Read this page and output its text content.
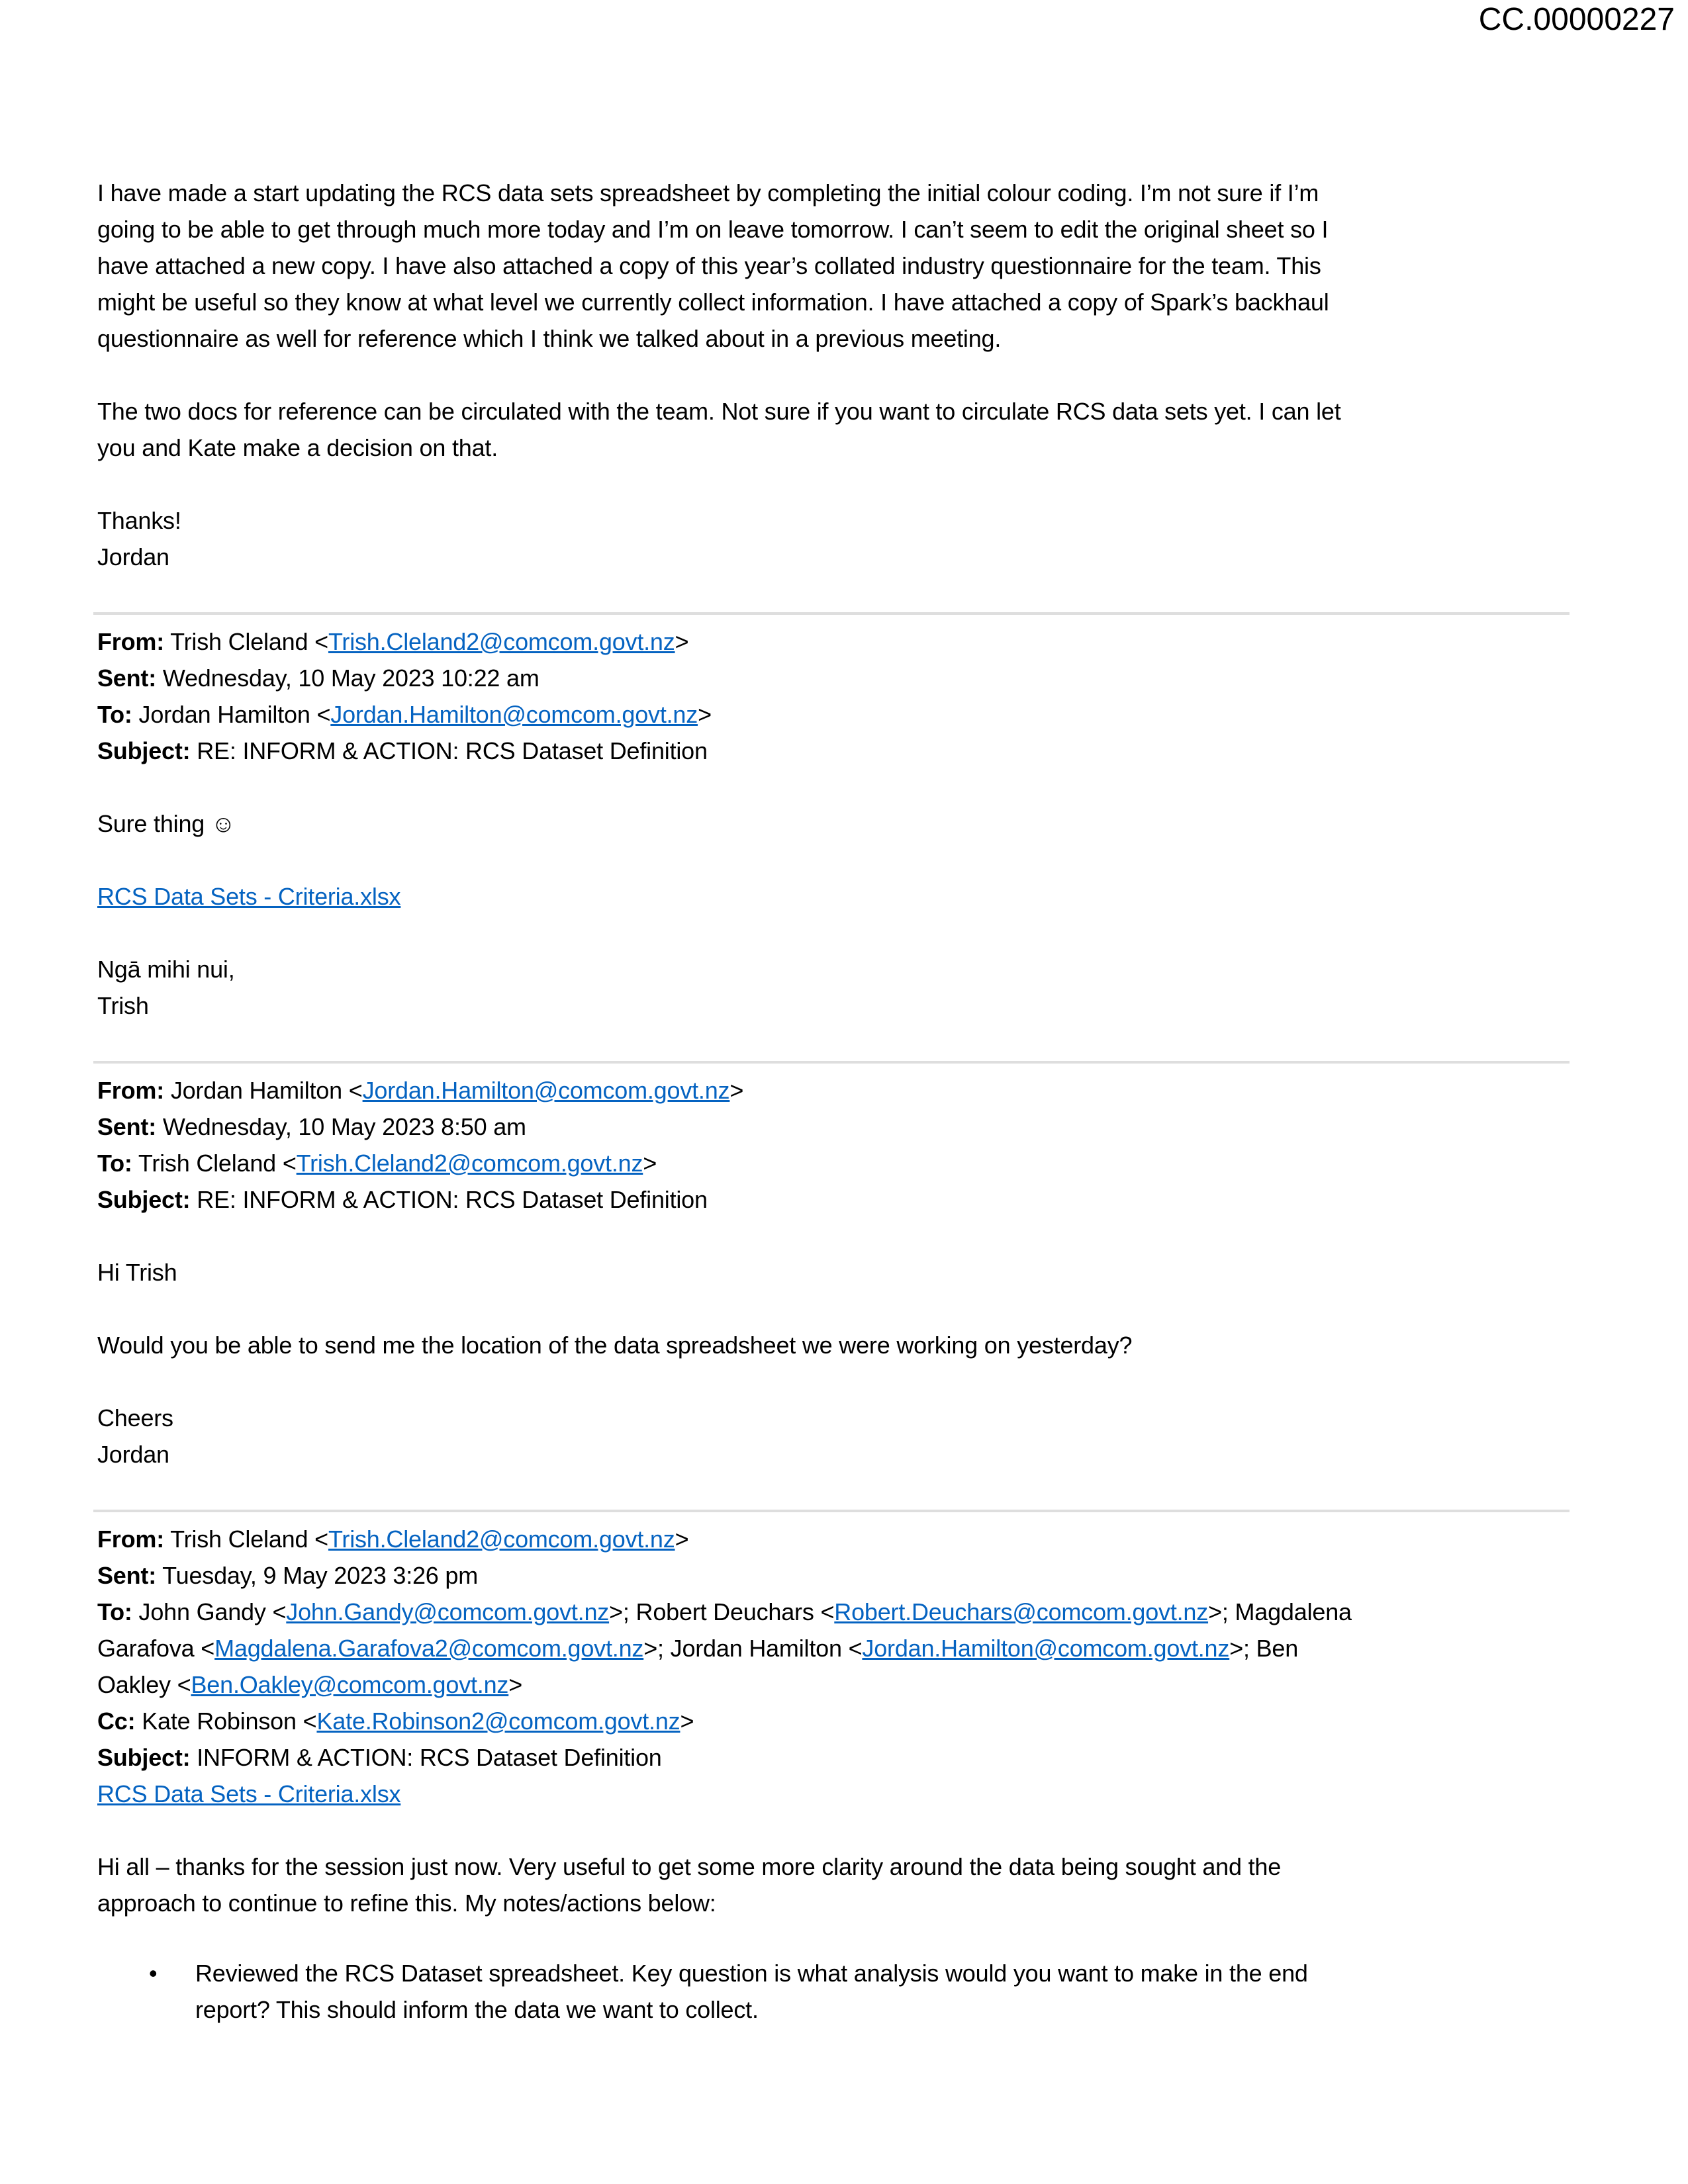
CC.00000227
I have made a start updating the RCS data sets spreadsheet by completing the initial colour coding. I’m not sure if I’m
going to be able to get through much more today and I’m on leave tomorrow. I can’t seem to edit the original sheet so I
have attached a new copy. I have also attached a copy of this year’s collated industry questionnaire for the team. This
might be useful so they know at what level we currently collect information. I have attached a copy of Spark’s backhaul
questionnaire as well for reference which I think we talked about in a previous meeting.
The two docs for reference can be circulated with the team. Not sure if you want to circulate RCS data sets yet. I can let
you and Kate make a decision on that.
Thanks!
Jordan
From: Trish Cleland <Trish.Cleland2@comcom.govt.nz>
Sent: Wednesday, 10 May 2023 10:22 am
To: Jordan Hamilton <Jordan.Hamilton@comcom.govt.nz>
Subject: RE: INFORM & ACTION: RCS Dataset Definition
Sure thing ☺
RCS Data Sets - Criteria.xlsx
Ngā mihi nui,
Trish
From: Jordan Hamilton <Jordan.Hamilton@comcom.govt.nz>
Sent: Wednesday, 10 May 2023 8:50 am
To: Trish Cleland <Trish.Cleland2@comcom.govt.nz>
Subject: RE: INFORM & ACTION: RCS Dataset Definition
Hi Trish
Would you be able to send me the location of the data spreadsheet we were working on yesterday?
Cheers
Jordan
From: Trish Cleland <Trish.Cleland2@comcom.govt.nz>
Sent: Tuesday, 9 May 2023 3:26 pm
To: John Gandy <John.Gandy@comcom.govt.nz>; Robert Deuchars <Robert.Deuchars@comcom.govt.nz>; Magdalena
Garafova <Magdalena.Garafova2@comcom.govt.nz>; Jordan Hamilton <Jordan.Hamilton@comcom.govt.nz>; Ben
Oakley <Ben.Oakley@comcom.govt.nz>
Cc: Kate Robinson <Kate.Robinson2@comcom.govt.nz>
Subject: INFORM & ACTION: RCS Dataset Definition
RCS Data Sets - Criteria.xlsx
Hi all – thanks for the session just now. Very useful to get some more clarity around the data being sought and the
approach to continue to refine this. My notes/actions below:
• Reviewed the RCS Dataset spreadsheet. Key question is what analysis would you want to make in the end
report? This should inform the data we want to collect.
